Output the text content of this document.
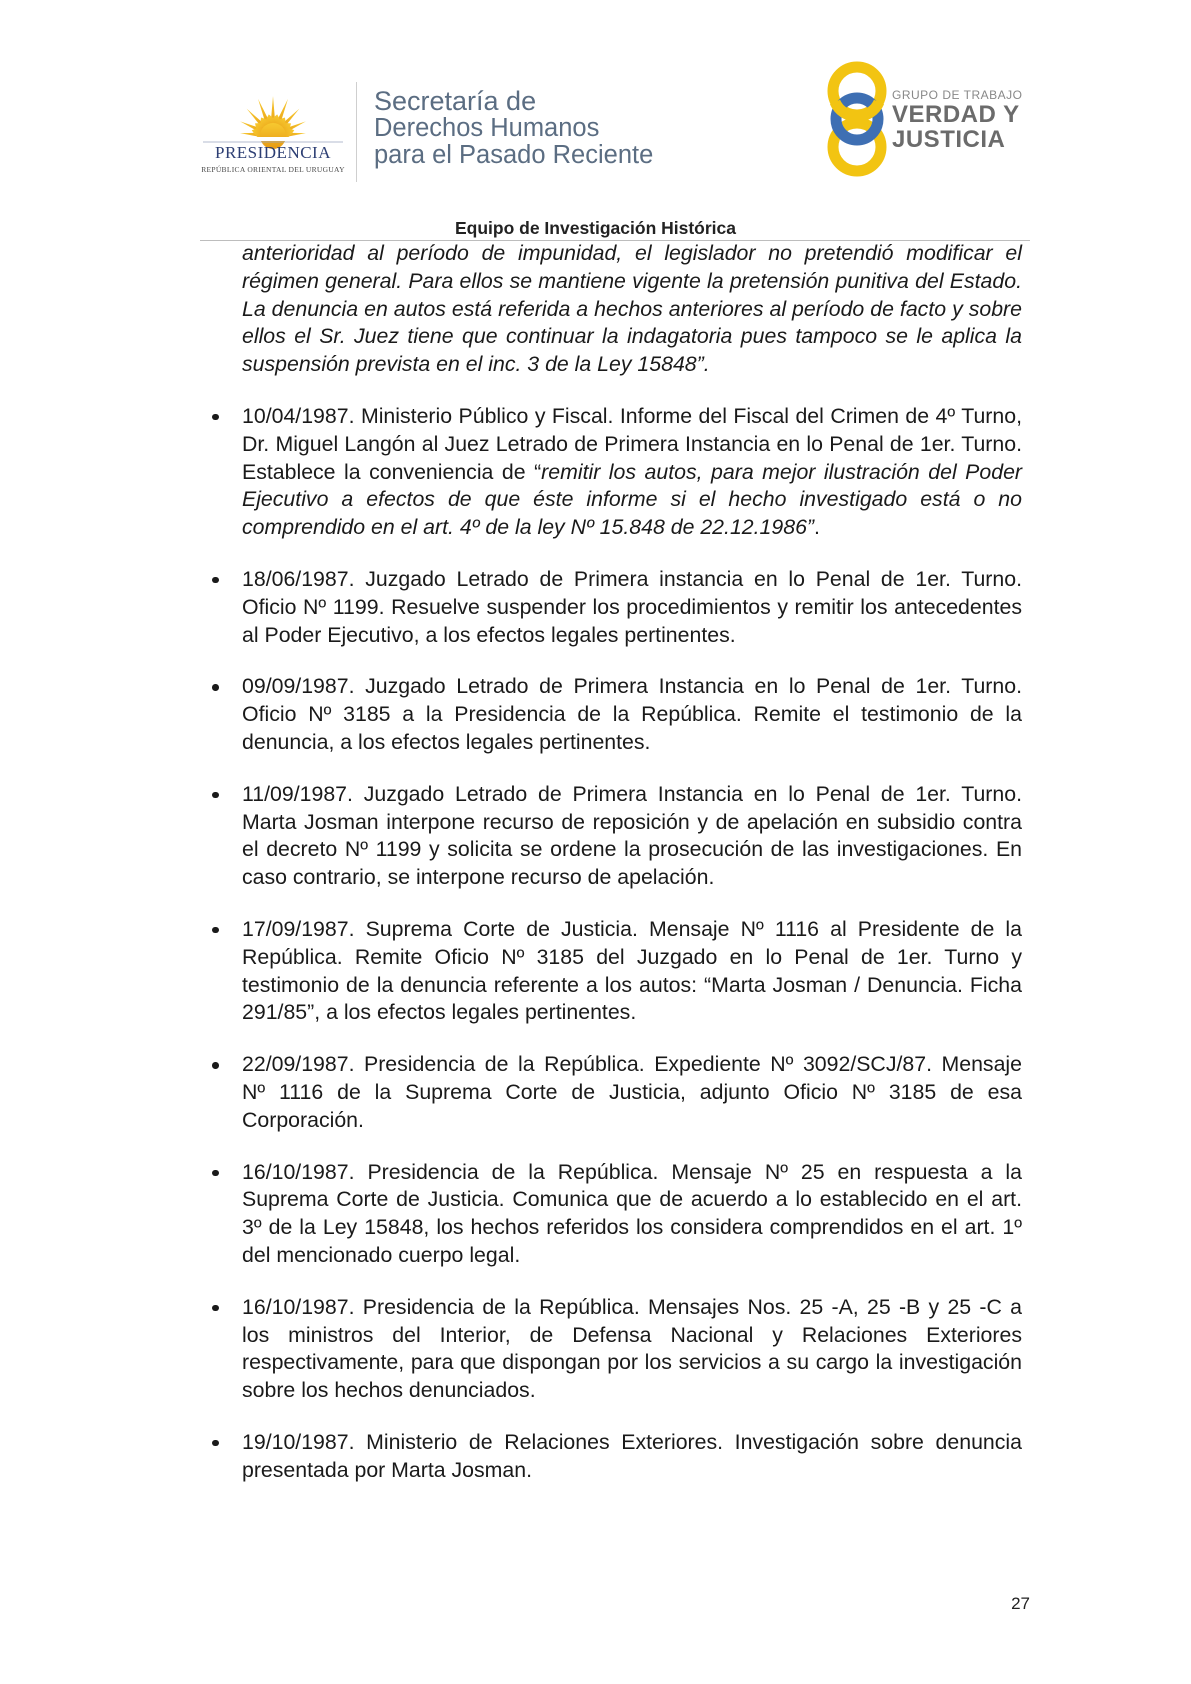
PRESIDENCIA
REPÚBLICA ORIENTAL DEL URUGUAY
Secretaría de
Derechos Humanos
para el Pasado Reciente
GRUPO DE TRABAJO
VERDAD Y
JUSTICIA
Equipo de Investigación Histórica

anterioridad al período de impunidad, el legislador no pretendió modificar el régimen general. Para ellos se mantiene vigente la pretensión punitiva del Estado. La denuncia en autos está referida a hechos anteriores al período de facto y sobre ellos el Sr. Juez tiene que continuar la indagatoria pues tampoco se le aplica la suspensión prevista en el inc. 3 de la Ley 15848”.

10/04/1987. Ministerio Público y Fiscal. Informe del Fiscal del Crimen de 4º Turno, Dr. Miguel Langón al Juez Letrado de Primera Instancia en lo Penal de 1er. Turno. Establece la conveniencia de “remitir los autos, para mejor ilustración del Poder Ejecutivo a efectos de que éste informe si el hecho investigado está o no comprendido en el art. 4º de la ley Nº 15.848 de 22.12.1986”.

18/06/1987. Juzgado Letrado de Primera instancia en lo Penal de 1er. Turno. Oficio Nº 1199. Resuelve suspender los procedimientos y remitir los antecedentes al Poder Ejecutivo, a los efectos legales pertinentes.

09/09/1987. Juzgado Letrado de Primera Instancia en lo Penal de 1er. Turno. Oficio Nº 3185 a la Presidencia de la República. Remite el testimonio de la denuncia, a los efectos legales pertinentes.

11/09/1987. Juzgado Letrado de Primera Instancia en lo Penal de 1er. Turno. Marta Josman interpone recurso de reposición y de apelación en subsidio contra el decreto Nº 1199 y solicita se ordene la prosecución de las investigaciones. En caso contrario, se interpone recurso de apelación.

17/09/1987. Suprema Corte de Justicia. Mensaje Nº 1116 al Presidente de la República. Remite Oficio Nº 3185 del Juzgado en lo Penal de 1er. Turno y testimonio de la denuncia referente a los autos: “Marta Josman / Denuncia. Ficha 291/85”, a los efectos legales pertinentes.

22/09/1987. Presidencia de la República. Expediente Nº 3092/SCJ/87. Mensaje Nº 1116 de la Suprema Corte de Justicia, adjunto Oficio Nº 3185 de esa Corporación.

16/10/1987. Presidencia de la República. Mensaje Nº 25 en respuesta a la Suprema Corte de Justicia. Comunica que de acuerdo a lo establecido en el art. 3º de la Ley 15848, los hechos referidos los considera comprendidos en el art. 1º del mencionado cuerpo legal.

16/10/1987. Presidencia de la República. Mensajes Nos. 25 -A, 25 -B y 25 -C a los ministros del Interior, de Defensa Nacional y Relaciones Exteriores respectivamente, para que dispongan por los servicios a su cargo la investigación sobre los hechos denunciados.

19/10/1987. Ministerio de Relaciones Exteriores. Investigación sobre denuncia presentada por Marta Josman.

27
